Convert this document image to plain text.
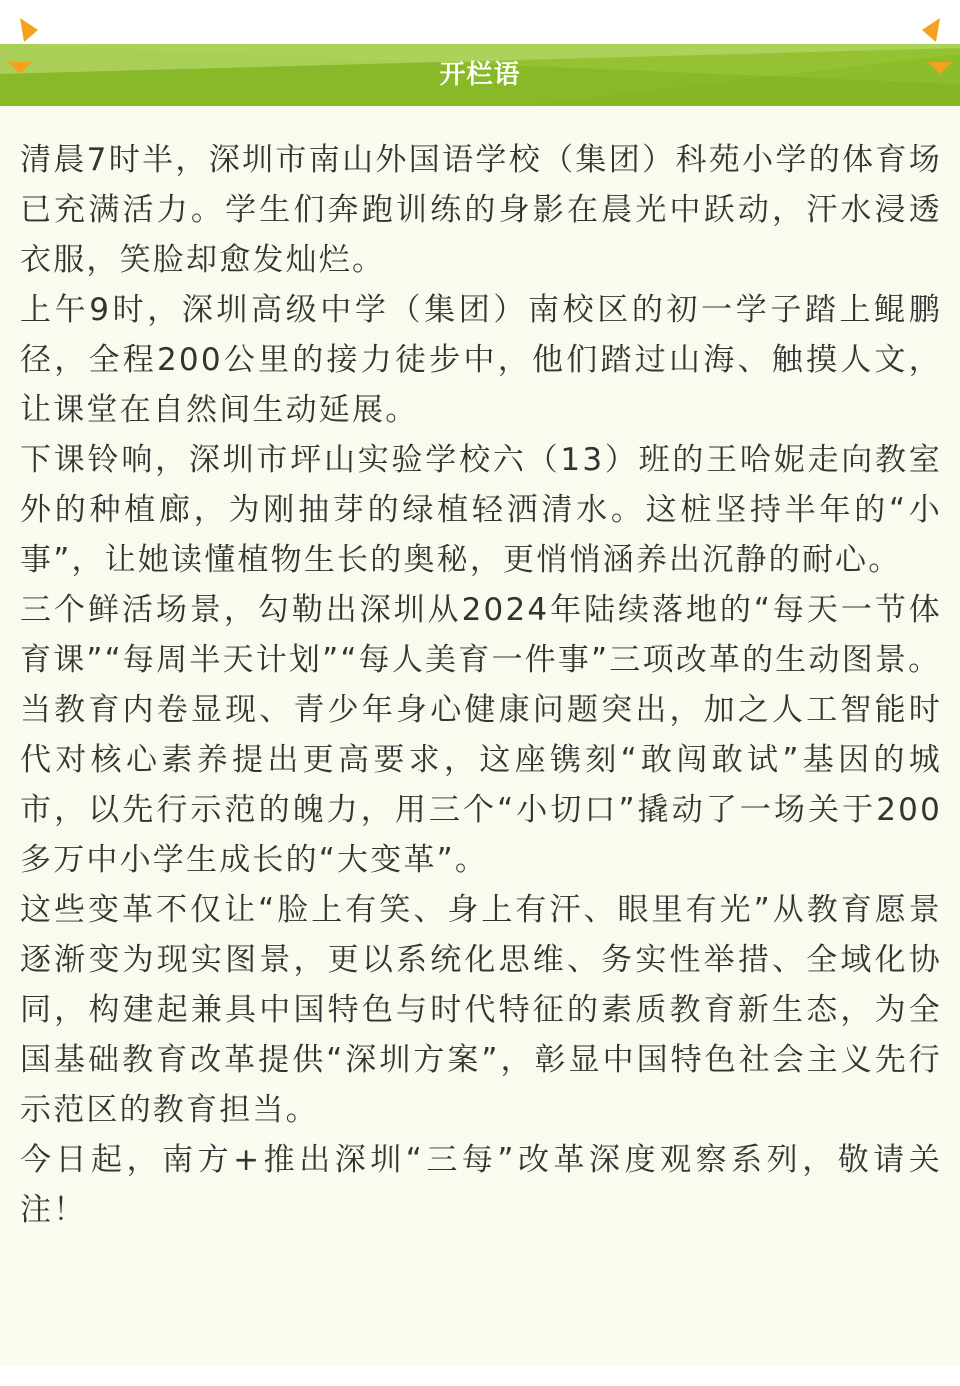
开栏语

清晨7时半，深圳市南山外国语学校（集团）科苑小学的体育场已充满活力。学生们奔跑训练的身影在晨光中跃动，汗水浸透衣服，笑脸却愈发灿烂。

上午9时，深圳高级中学（集团）南校区的初一学子踏上鲲鹏径，全程200公里的接力徒步中，他们踏过山海、触摸人文，让课堂在自然间生动延展。

下课铃响，深圳市坪山实验学校六（13）班的王哈妮走向教室外的种植廊，为刚抽芽的绿植轻洒清水。这桩坚持半年的“小事”，让她读懂植物生长的奥秘，更悄悄涵养出沉静的耐心。

三个鲜活场景，勾勒出深圳从2024年陆续落地的“每天一节体育课”“每周半天计划”“每人美育一件事”三项改革的生动图景。

当教育内卷显现、青少年身心健康问题突出，加之人工智能时代对核心素养提出更高要求，这座镌刻“敢闯敢试”基因的城市，以先行示范的魄力，用三个“小切口”撬动了一场关于200多万中小学生成长的“大变革”。

这些变革不仅让“脸上有笑、身上有汗、眼里有光”从教育愿景逐渐变为现实图景，更以系统化思维、务实性举措、全域化协同，构建起兼具中国特色与时代特征的素质教育新生态，为全国基础教育改革提供“深圳方案”，彰显中国特色社会主义先行示范区的教育担当。

今日起，南方+推出深圳“三每”改革深度观察系列，敬请关注！
